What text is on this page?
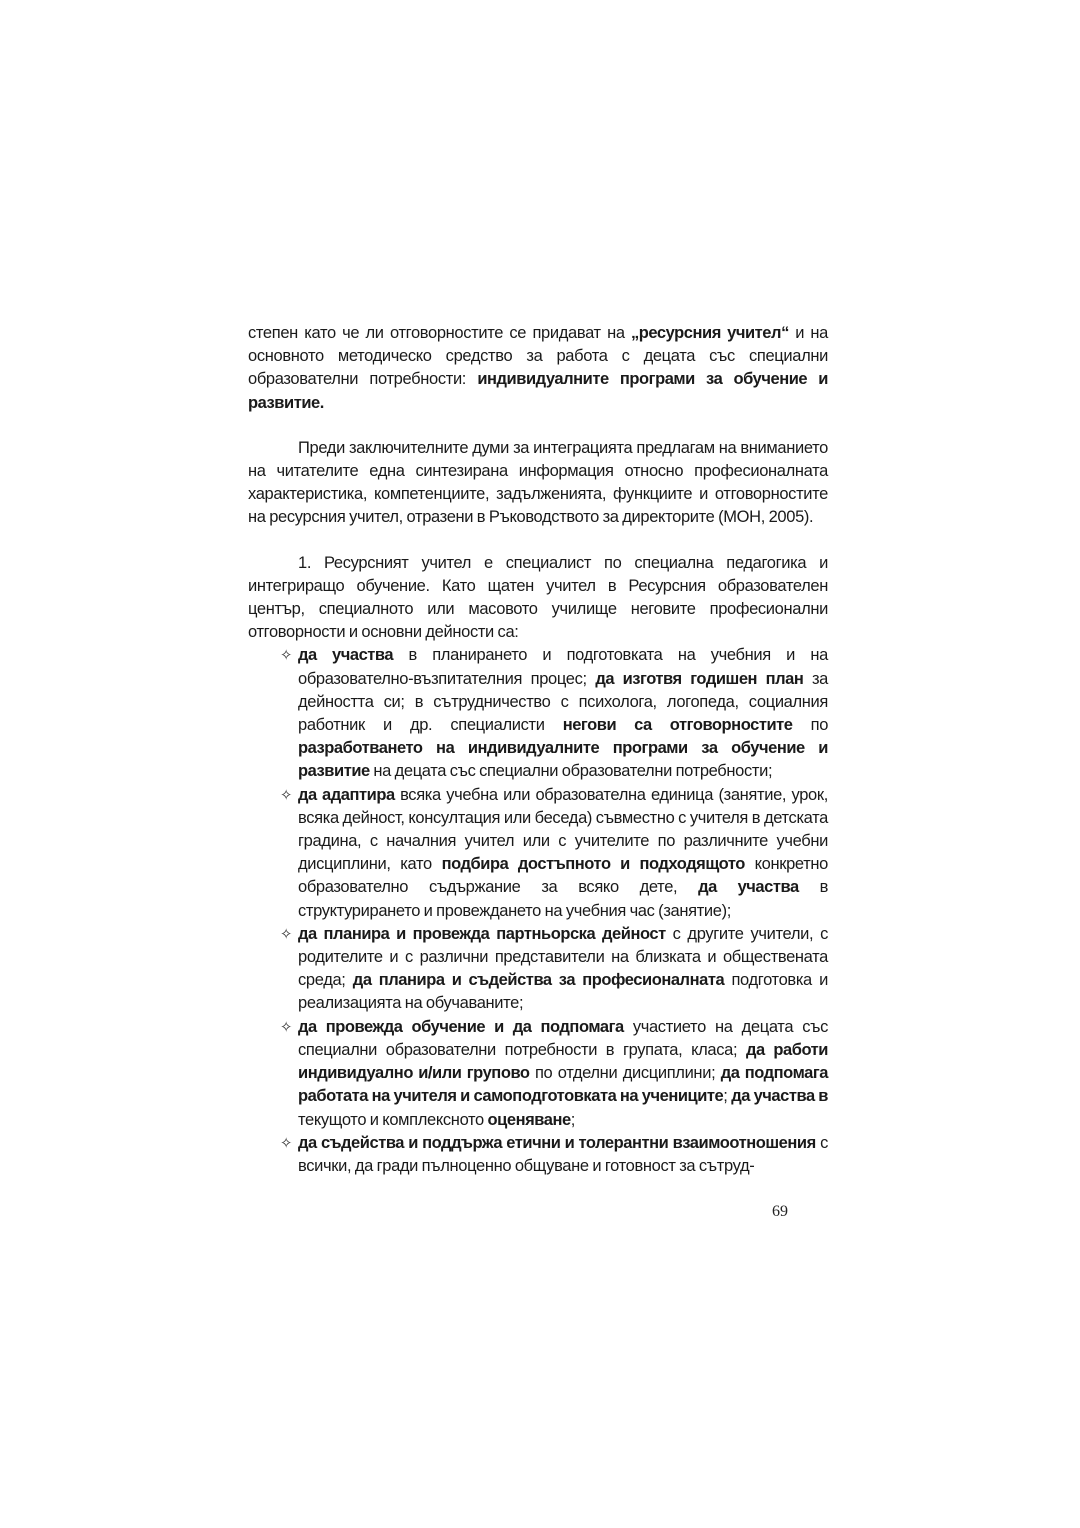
степен като че ли отговорностите се придават на „ресурсния учител“ и на основното методическо средство за работа с децата със специални образователни потребности: индивидуалните програми за обучение и развитие.

Преди заключителните думи за интеграцията предлагам на вниманието на читателите една синтезирана информация относно професионалната характеристика, компетенциите, задълженията, функциите и отговорностите на ресурсния учител, отразени в Ръководството за директорите (МОН, 2005).

1. Ресурсният учител е специалист по специална педагогика и интегриращо обучение. Като щатен учител в Ресурсния образователен център, специалното или масовото училище неговите професионални отговорности и основни дейности са:

✧ да участва в планирането и подготовката на учебния и на образователно-възпитателния процес; да изготвя годишен план за дейността си; в сътрудничество с психолога, логопеда, социалния работник и др. специалисти негови са отговорностите по разработването на индивидуалните програми за обучение и развитие на децата със специални образователни потребности;
✧ да адаптира всяка учебна или образователна единица (занятие, урок, всяка дейност, консултация или беседа) съвместно с учителя в детската градина, с началния учител или с учителите по различните учебни дисциплини, като подбира достъпното и подходящото конкретно образователно съдържание за всяко дете, да участва в структурирането и провеждането на учебния час (занятие);
✧ да планира и провежда партньорска дейност с другите учители, с родителите и с различни представители на близката и обществената среда; да планира и съдейства за професионалната подготовка и реализацията на обучаваните;
✧ да провежда обучение и да подпомага участието на децата със специални образователни потребности в групата, класа; да работи индивидуално и/или групово по отделни дисциплини; да подпомага работата на учителя и самоподготовката на учениците; да участва в текущото и комплексното оценяване;
✧ да съдейства и поддържа етични и толерантни взаимоотношения с всички, да гради пълноценно общуване и готовност за сътруд-
69
